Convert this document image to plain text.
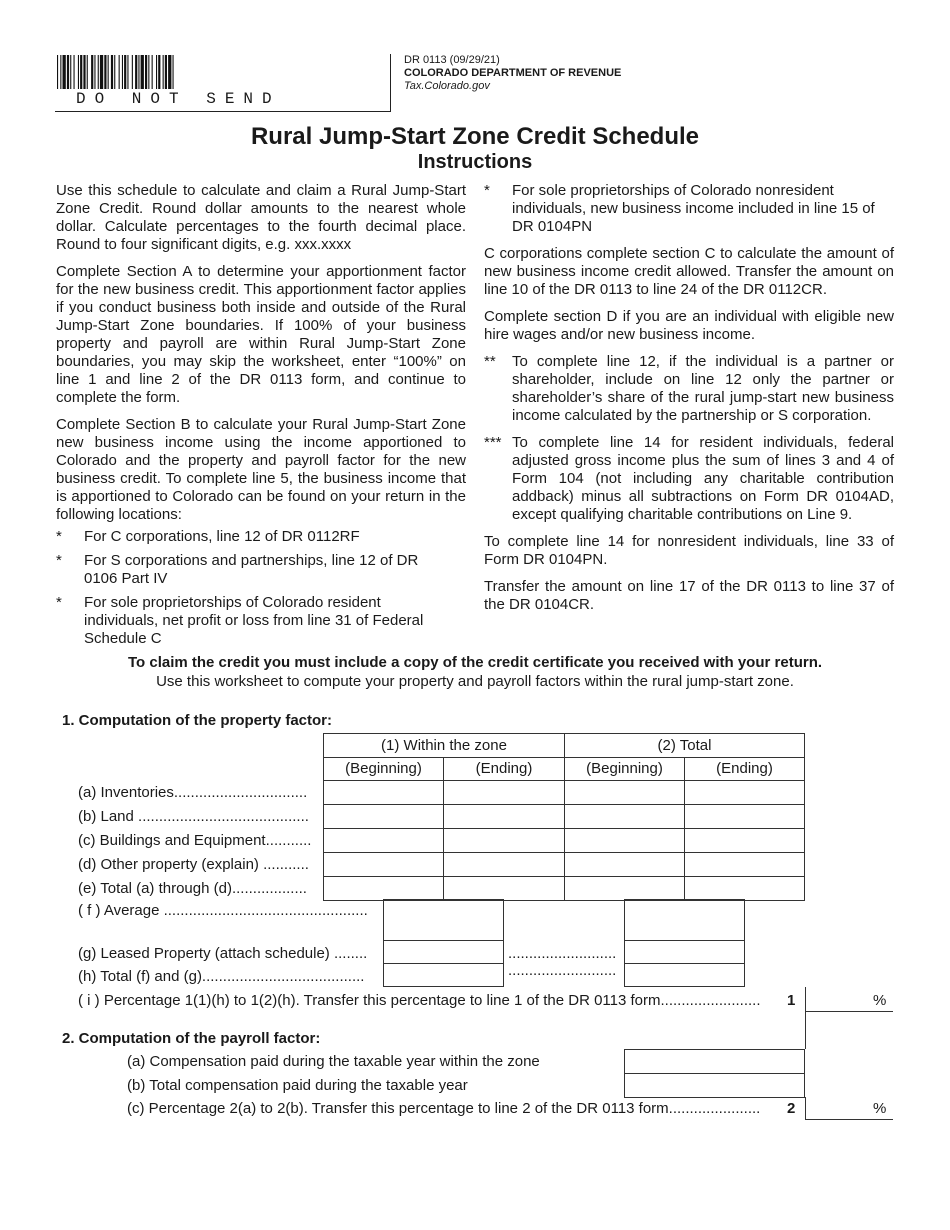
DO NOT SEND
DR 0113 (09/29/21)
COLORADO DEPARTMENT OF REVENUE
Tax.Colorado.gov
Rural Jump-Start Zone Credit Schedule
Instructions

Use this schedule to calculate and claim a Rural Jump-Start Zone Credit. Round dollar amounts to the nearest whole dollar. Calculate percentages to the fourth decimal place. Round to four significant digits, e.g. xxx.xxxx

Complete Section A to determine your apportionment factor for the new business credit. This apportionment factor applies if you conduct business both inside and outside of the Rural Jump-Start Zone boundaries. If 100% of your business property and payroll are within Rural Jump-Start Zone boundaries, you may skip the worksheet, enter “100%” on line 1 and line 2 of the DR 0113 form, and continue to complete the form.

Complete Section B to calculate your Rural Jump-Start Zone new business income using the income apportioned to Colorado and the property and payroll factor for the new business credit. To complete line 5, the business income that is apportioned to Colorado can be found on your return in the following locations:

*	For C corporations, line 12 of DR 0112RF
*	For S corporations and partnerships, line 12 of DR 0106 Part IV
*	For sole proprietorships of Colorado resident individuals, net profit or loss from line 31 of Federal Schedule C
*	For sole proprietorships of Colorado nonresident individuals, new business income included in line 15 of DR 0104PN

C corporations complete section C to calculate the amount of new business income credit allowed. Transfer the amount on line 10 of the DR 0113 to line 24 of the DR 0112CR.

Complete section D if you are an individual with eligible new hire wages and/or new business income.

**	To complete line 12, if the individual is a partner or shareholder, include on line 12 only the partner or shareholder’s share of the rural jump-start new business income calculated by the partnership or S corporation.
*** To complete line 14 for resident individuals, federal adjusted gross income plus the sum of lines 3 and 4 of Form 104 (not including any charitable contribution addback) minus all subtractions on Form DR 0104AD, except qualifying charitable contributions on Line 9.

To complete line 14 for nonresident individuals, line 33 of Form DR 0104PN.

Transfer the amount on line 17 of the DR 0113 to line 37 of the DR 0104CR.

To claim the credit you must include a copy of the credit certificate you received with your return.
Use this worksheet to compute your property and payroll factors within the rural jump-start zone.
1. Computation of the property factor:
(1) Within the zone	(2) Total
(Beginning)	(Ending)	(Beginning)	(Ending)
(a) Inventories................................
(b) Land .........................................
(c) Buildings and Equipment...........
(d) Other property (explain) ...........
(e) Total (a) through (d)..................
( f ) Average .................................................
(g) Leased Property (attach schedule) ........	..........................
(h) Total (f) and (g).......................................	..........................
( i ) Percentage 1(1)(h) to 1(2)(h). Transfer this percentage to line 1 of the DR 0113 form........................	1	%
2. Computation of the payroll factor:
(a) Compensation paid during the taxable year within the zone
(b) Total compensation paid during the taxable year
(c) Percentage 2(a) to 2(b). Transfer this percentage to line 2 of the DR 0113 form......................	2	%
